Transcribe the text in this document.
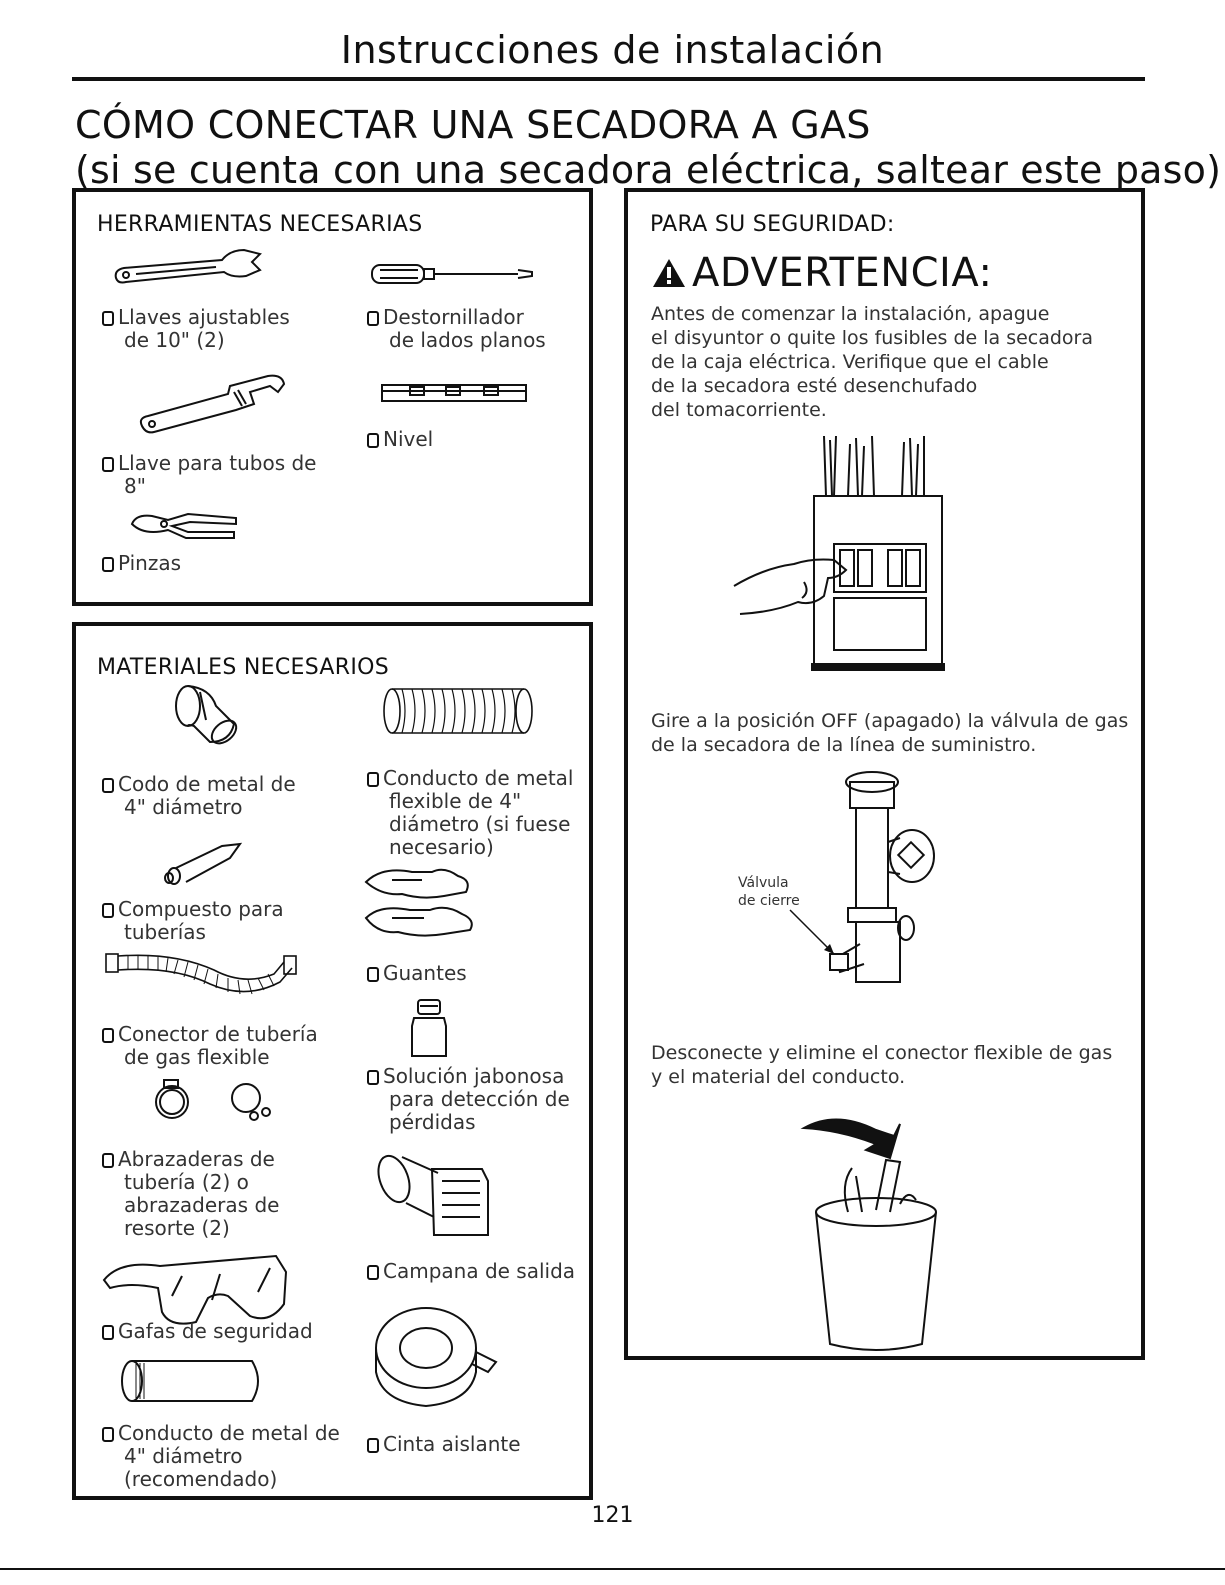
Instrucciones de instalación
CÓMO CONECTAR UNA SECADORA A GAS
(si se cuenta con una secadora eléctrica, saltear este paso)
HERRAMIENTAS NECESARIAS
Llaves ajustables
de 10" (2)
Destornillador
de lados planos
Nivel
Llave para tubos de
8"
Pinzas
MATERIALES NECESARIOS
Codo de metal de
4" diámetro
Conducto de metal
flexible de 4"
diámetro (si fuese
necesario)
Compuesto para
tuberías
Guantes
Conector de tubería
de gas flexible
Solución jabonosa
para detección de
pérdidas
Abrazaderas de
tubería (2) o
abrazaderas de
resorte (2)
Campana de salida
Gafas de seguridad
Conducto de metal de
4" diámetro
(recomendado)
Cinta aislante
PARA SU SEGURIDAD:
ADVERTENCIA:
Antes de comenzar la instalación, apague
el disyuntor o quite los fusibles de la secadora
de la caja eléctrica. Verifique que el cable
de la secadora esté desenchufado
del tomacorriente.
Gire a la posición OFF (apagado) la válvula de gas
de la secadora de la línea de suministro.
Válvula
de cierre
Desconecte y elimine el conector flexible de gas
y el material del conducto.
121
